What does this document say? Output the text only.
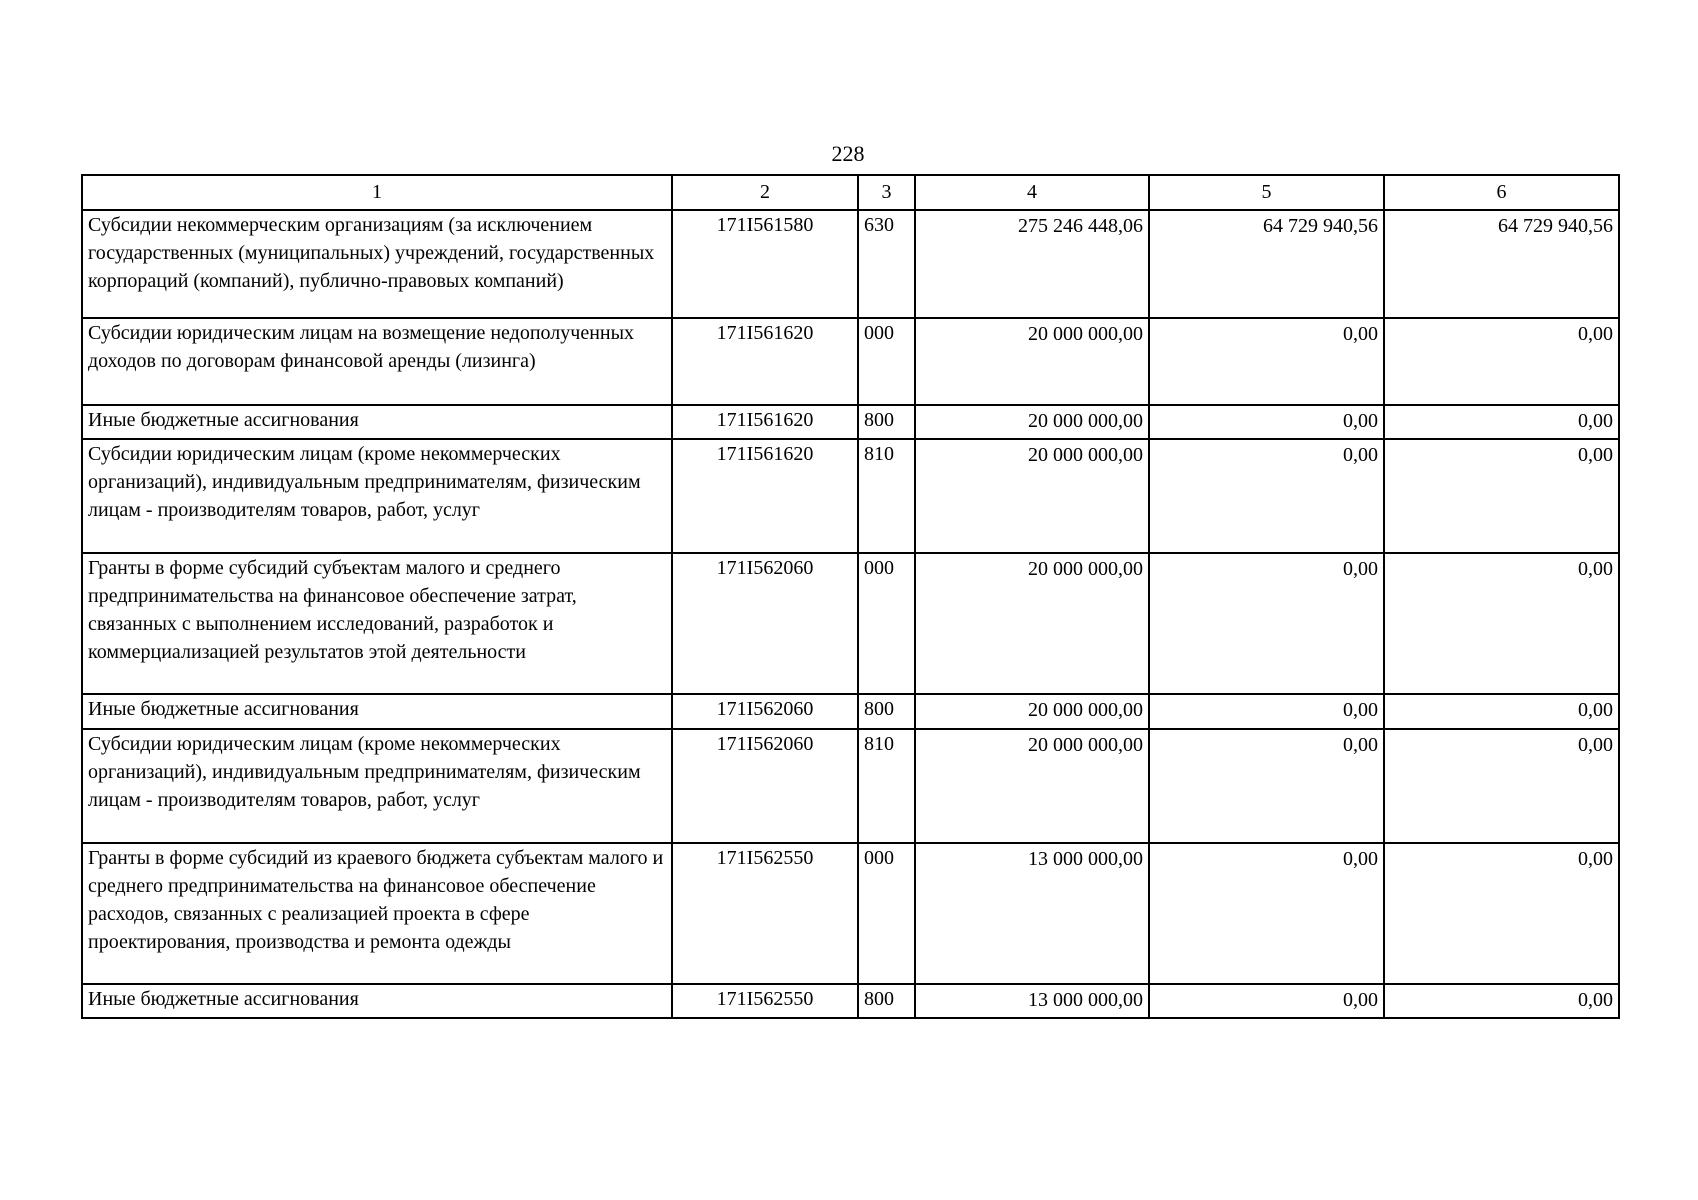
228
1	2	3	4	5	6
Субсидии некоммерческим организациям (за исключением государственных (муниципальных) учреждений, государственных корпораций (компаний), публично-правовых компаний)	171I561580	630	275 246 448,06	64 729 940,56	64 729 940,56
Субсидии юридическим лицам на возмещение недополученных доходов по договорам финансовой аренды (лизинга)	171I561620	000	20 000 000,00	0,00	0,00
Иные бюджетные ассигнования	171I561620	800	20 000 000,00	0,00	0,00
Субсидии юридическим лицам (кроме некоммерческих организаций), индивидуальным предпринимателям, физическим лицам - производителям товаров, работ, услуг	171I561620	810	20 000 000,00	0,00	0,00
Гранты в форме субсидий субъектам малого и среднего предпринимательства на финансовое обеспечение затрат, связанных с выполнением исследований, разработок и коммерциализацией результатов этой деятельности	171I562060	000	20 000 000,00	0,00	0,00
Иные бюджетные ассигнования	171I562060	800	20 000 000,00	0,00	0,00
Субсидии юридическим лицам (кроме некоммерческих организаций), индивидуальным предпринимателям, физическим лицам - производителям товаров, работ, услуг	171I562060	810	20 000 000,00	0,00	0,00
Гранты в форме субсидий из краевого бюджета субъектам малого и среднего предпринимательства на финансовое обеспечение расходов, связанных с реализацией проекта в сфере проектирования, производства и ремонта одежды	171I562550	000	13 000 000,00	0,00	0,00
Иные бюджетные ассигнования	171I562550	800	13 000 000,00	0,00	0,00
